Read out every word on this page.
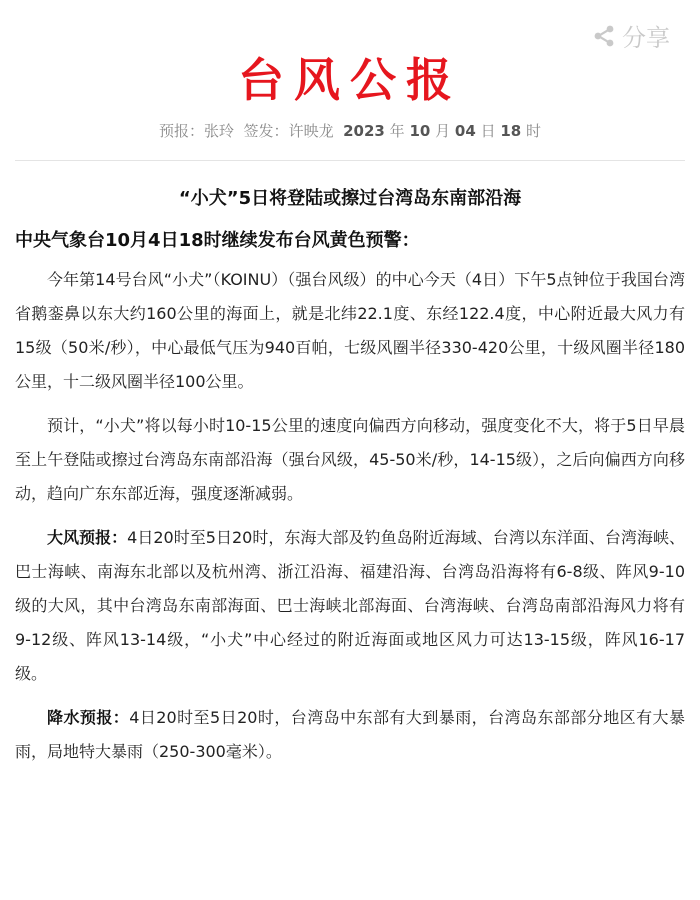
分享
台风公报
预报：张玲 签发：许映龙 2023 年 10 月 04 日 18 时
“小犬”5日将登陆或擦过台湾岛东南部沿海
中央气象台10月4日18时继续发布台风黄色预警：

今年第14号台风“小犬”（KOINU）（强台风级）的中心今天（4日）下午5点钟位于我国台湾省鹅銮鼻以东大约160公里的海面上，就是北纬22.1度、东经122.4度，中心附近最大风力有15级（50米/秒），中心最低气压为940百帕，七级风圈半径330-420公里，十级风圈半径180公里，十二级风圈半径100公里。

预计，“小犬”将以每小时10-15公里的速度向偏西方向移动，强度变化不大，将于5日早晨至上午登陆或擦过台湾岛东南部沿海（强台风级，45-50米/秒，14-15级），之后向偏西方向移动，趋向广东东部近海，强度逐渐减弱。

大风预报：4日20时至5日20时，东海大部及钓鱼岛附近海域、台湾以东洋面、台湾海峡、巴士海峡、南海东北部以及杭州湾、浙江沿海、福建沿海、台湾岛沿海将有6-8级、阵风9-10级的大风，其中台湾岛东南部海面、巴士海峡北部海面、台湾海峡、台湾岛南部沿海风力将有9-12级、阵风13-14级，“小犬”中心经过的附近海面或地区风力可达13-15级，阵风16-17级。

降水预报：4日20时至5日20时，台湾岛中东部有大到暴雨，台湾岛东部部分地区有大暴雨，局地特大暴雨（250-300毫米）。
